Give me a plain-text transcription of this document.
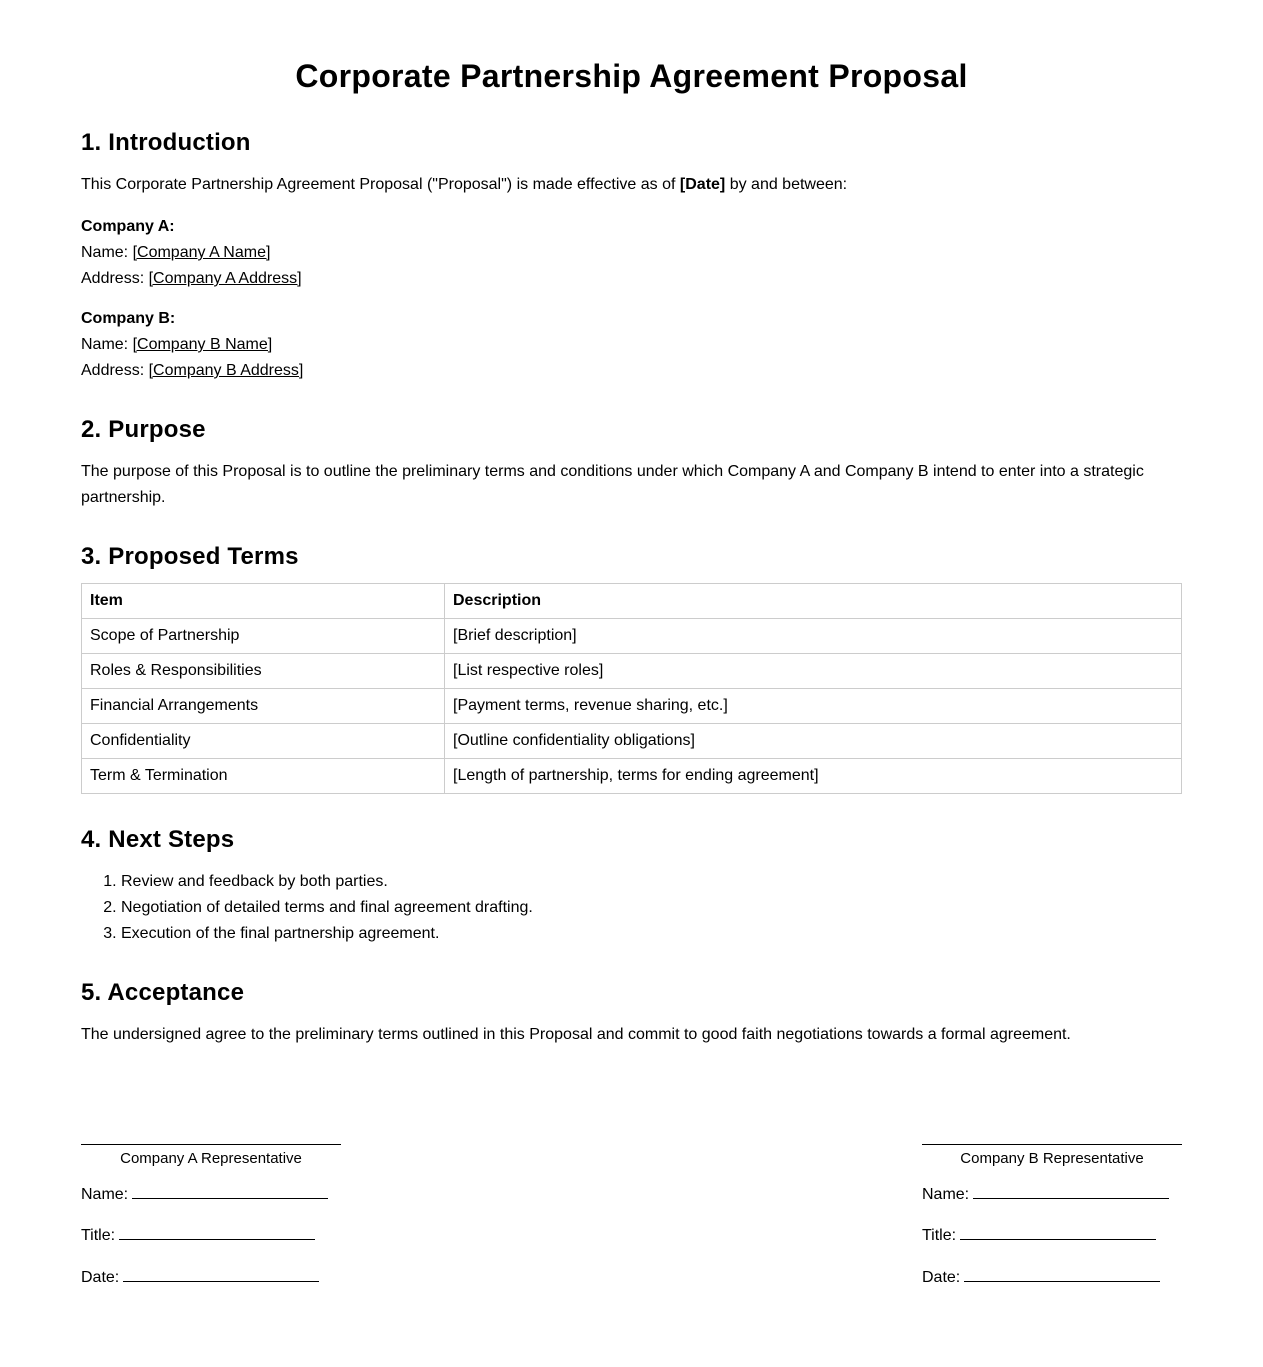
Corporate Partnership Agreement Proposal
1. Introduction

This Corporate Partnership Agreement Proposal ("Proposal") is made effective as of [Date] by and between:

Company A:
Name: [Company A Name]
Address: [Company A Address]
Company B:
Name: [Company B Name]
Address: [Company B Address]
2. Purpose

The purpose of this Proposal is to outline the preliminary terms and conditions under which Company A and Company B intend to enter into a strategic partnership.

3. Proposed Terms
Item	Description
Scope of Partnership	[Brief description]
Roles & Responsibilities	[List respective roles]
Financial Arrangements	[Payment terms, revenue sharing, etc.]
Confidentiality	[Outline confidentiality obligations]
Term & Termination	[Length of partnership, terms for ending agreement]
4. Next Steps
1. Review and feedback by both parties.
2. Negotiation of detailed terms and final agreement drafting.
3. Execution of the final partnership agreement.
5. Acceptance

The undersigned agree to the preliminary terms outlined in this Proposal and commit to good faith negotiations towards a formal agreement.

Company A Representative
Name:
Title:
Date:
Company B Representative
Name:
Title:
Date:
